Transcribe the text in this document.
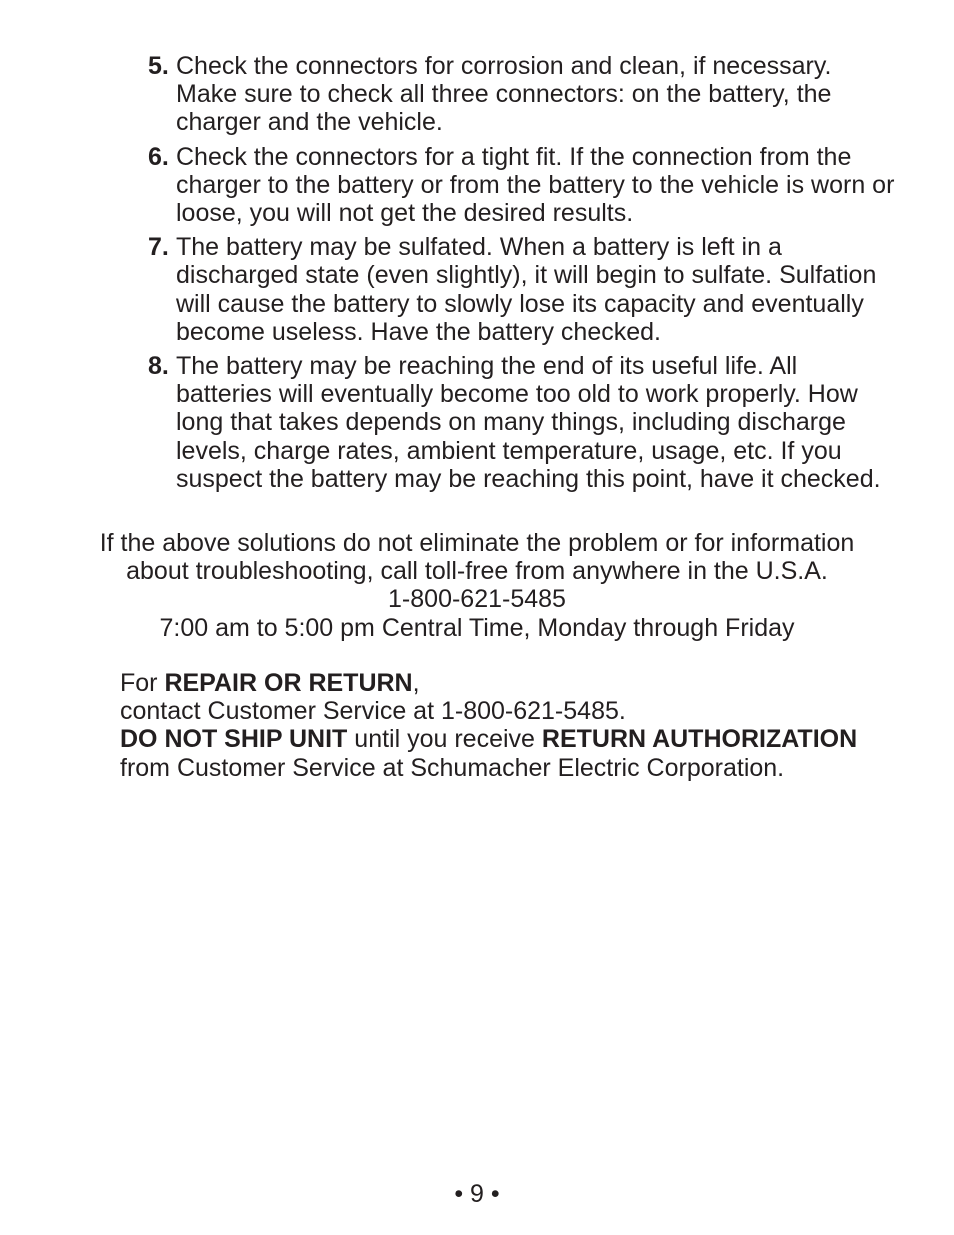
5. Check the connectors for corrosion and clean, if necessary. Make sure to check all three connectors: on the battery, the charger and the vehicle.
6. Check the connectors for a tight fit. If the connection from the charger to the battery or from the battery to the vehicle is worn or loose, you will not get the desired results.
7. The battery may be sulfated. When a battery is left in a discharged state (even slightly), it will begin to sulfate. Sulfation will cause the battery to slowly lose its capacity and eventually become useless. Have the battery checked.
8. The battery may be reaching the end of its useful life. All batteries will eventually become too old to work properly. How long that takes depends on many things, including discharge levels, charge rates, ambient temperature, usage, etc. If you suspect the battery may be reaching this point, have it checked.

If the above solutions do not eliminate the problem or for information

about troubleshooting, call toll-free from anywhere in the U.S.A.

1-800-621-5485

7:00 am to 5:00 pm Central Time, Monday through Friday

For REPAIR OR RETURN,

contact Customer Service at 1-800-621-5485.

DO NOT SHIP UNIT until you receive RETURN AUTHORIZATION

from Customer Service at Schumacher Electric Corporation.

• 9 •
